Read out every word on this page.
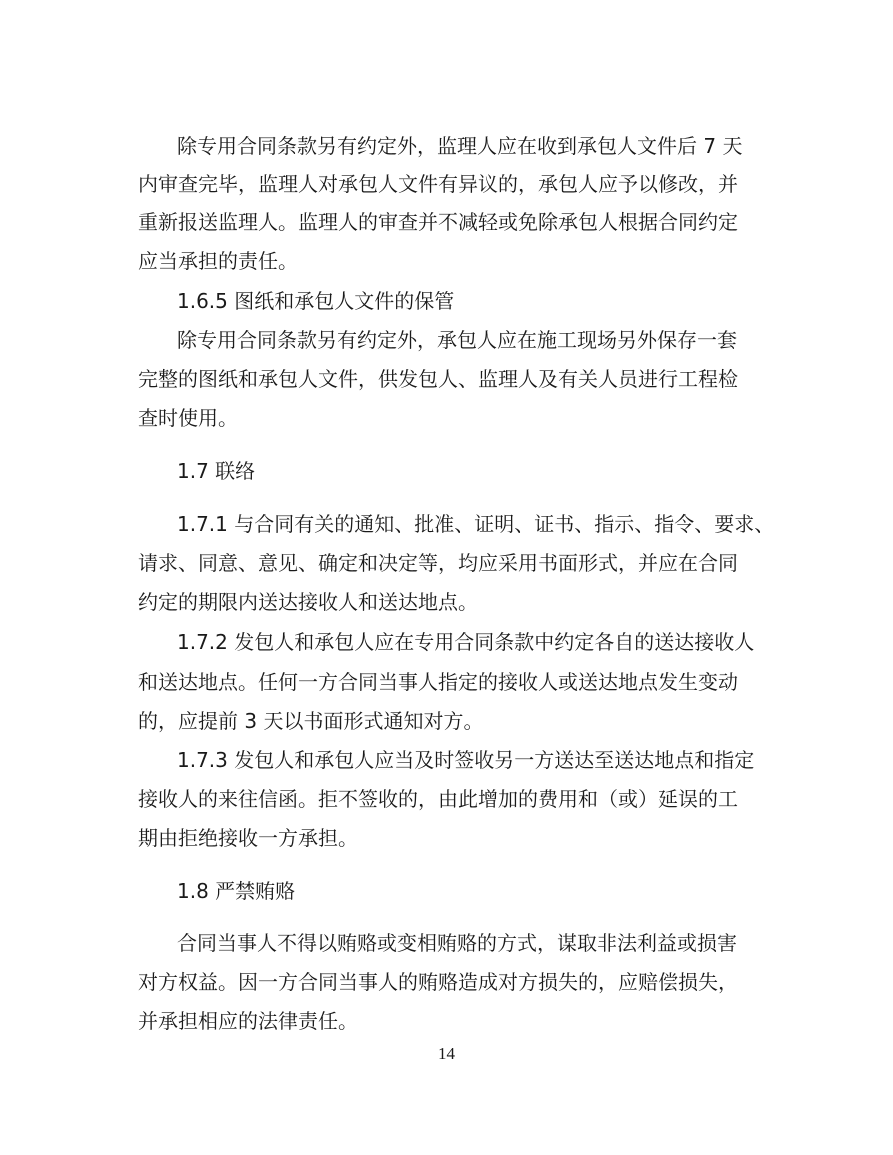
除专用合同条款另有约定外，监理人应在收到承包人文件后 7 天
内审查完毕，监理人对承包人文件有异议的，承包人应予以修改，并
重新报送监理人。监理人的审查并不减轻或免除承包人根据合同约定
应当承担的责任。
1.6.5 图纸和承包人文件的保管
除专用合同条款另有约定外，承包人应在施工现场另外保存一套
完整的图纸和承包人文件，供发包人、监理人及有关人员进行工程检
查时使用。
1.7 联络
1.7.1 与合同有关的通知、批准、证明、证书、指示、指令、要求、
请求、同意、意见、确定和决定等，均应采用书面形式，并应在合同
约定的期限内送达接收人和送达地点。
1.7.2 发包人和承包人应在专用合同条款中约定各自的送达接收人
和送达地点。任何一方合同当事人指定的接收人或送达地点发生变动
的，应提前 3 天以书面形式通知对方。
1.7.3 发包人和承包人应当及时签收另一方送达至送达地点和指定
接收人的来往信函。拒不签收的，由此增加的费用和（或）延误的工
期由拒绝接收一方承担。
1.8 严禁贿赂
合同当事人不得以贿赂或变相贿赂的方式，谋取非法利益或损害
对方权益。因一方合同当事人的贿赂造成对方损失的，应赔偿损失，
并承担相应的法律责任。
14
